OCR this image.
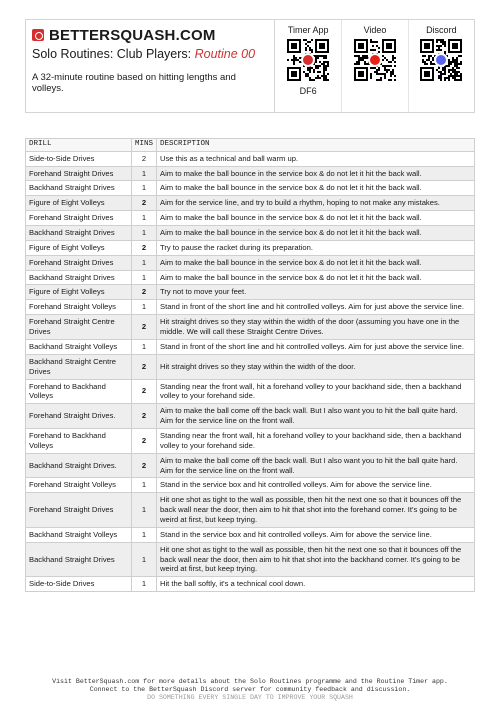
BETTERSQUASH.COM
Solo Routines: Club Players: Routine 00
A 32-minute routine based on hitting lengths and volleys.
Timer App
DF6
Video	Discord
DRILL	MINS	DESCRIPTION
Side-to-Side Drives	2	Use this as a technical and ball warm up.
Forehand Straight Drives	1	Aim to make the ball bounce in the service box & do not let it hit the back wall.
Backhand Straight Drives	1	Aim to make the ball bounce in the service box & do not let it hit the back wall.
Figure of Eight Volleys	2	Aim for the service line, and try to build a rhythm, hoping to not make any mistakes.
Forehand Straight Drives	1	Aim to make the ball bounce in the service box & do not let it hit the back wall.
Backhand Straight Drives	1	Aim to make the ball bounce in the service box & do not let it hit the back wall.
Figure of Eight Volleys	2	Try to pause the racket during its preparation.
Forehand Straight Drives	1	Aim to make the ball bounce in the service box & do not let it hit the back wall.
Backhand Straight Drives	1	Aim to make the ball bounce in the service box & do not let it hit the back wall.
Figure of Eight Volleys	2	Try not to move your feet.
Forehand Straight Volleys	1	Stand in front of the short line and hit controlled volleys. Aim for just above the service line.
Forehand Straight Centre Drives	2	Hit straight drives so they stay within the width of the door (assuming you have one in the middle. We will call these Straight Centre Drives.
Backhand Straight Volleys	1	Stand in front of the short line and hit controlled volleys. Aim for just above the service line.
Backhand Straight Centre Drives	2	Hit straight drives so they stay within the width of the door.
Forehand to Backhand Volleys	2	Standing near the front wall, hit a forehand volley to your backhand side, then a backhand volley to your forehand side.
Forehand Straight Drives.	2	Aim to make the ball come off the back wall. But I also want you to hit the ball quite hard. Aim for the service line on the front wall.
Forehand to Backhand Volleys	2	Standing near the front wall, hit a forehand volley to your backhand side, then a backhand volley to your forehand side.
Backhand Straight Drives.	2	Aim to make the ball come off the back wall. But I also want you to hit the ball quite hard. Aim for the service line on the front wall.
Forehand Straight Volleys	1	Stand in the service box and hit controlled volleys. Aim for above the service line.
Forehand Straight Drives	1	Hit one shot as tight to the wall as possible, then hit the next one so that it bounces off the back wall near the door, then aim to hit that shot into the forehand corner. It's going to be weird at first, but keep trying.
Backhand Straight Volleys	1	Stand in the service box and hit controlled volleys. Aim for above the service line.
Backhand Straight Drives	1	Hit one shot as tight to the wall as possible, then hit the next one so that it bounces off the back wall near the door, then aim to hit that shot into the backhand corner. It's going to be weird at first, but keep trying.
Side-to-Side Drives	1	Hit the ball softly, it's a technical cool down.
Visit BetterSquash.com for more details about the Solo Routines programme and the Routine Timer app.
Connect to the BetterSquash Discord server for community feedback and discussion.
DO SOMETHING EVERY SINGLE DAY TO IMPROVE YOUR SQUASH
